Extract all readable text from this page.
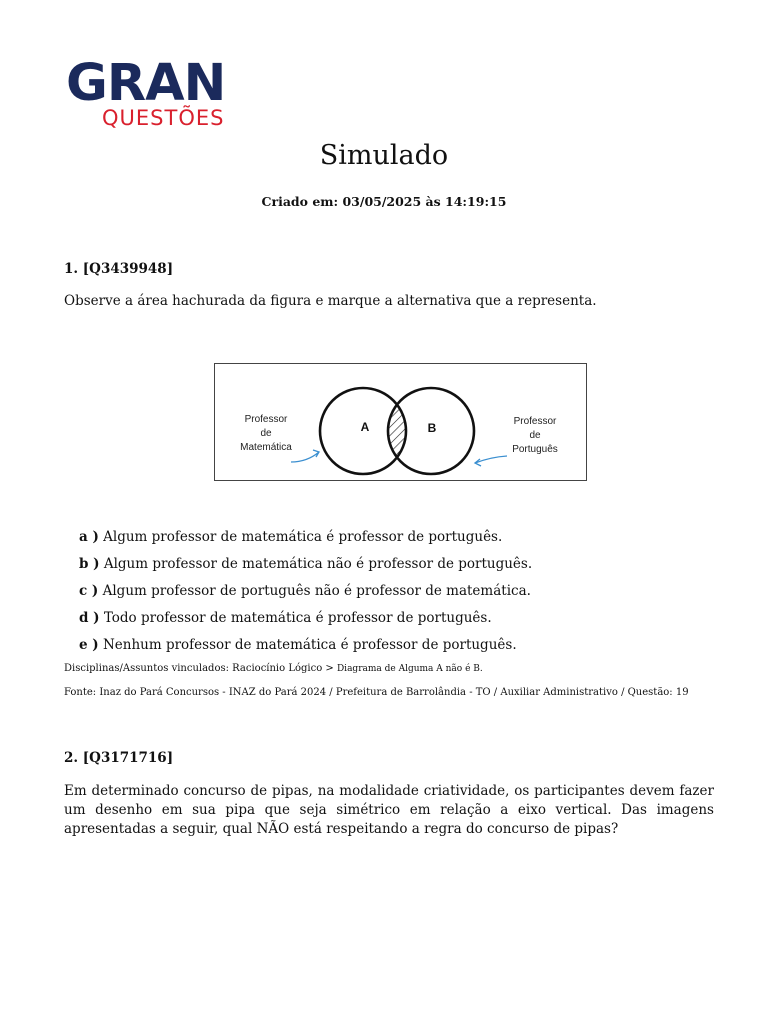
GRAN
QUESTÕES
Simulado
Criado em: 03/05/2025 às 14:19:15
1. [Q3439948]
Observe a área hachurada da figura e marque a alternativa que a representa.
A	B
Professor
de
Matemática
Professor
de
Português
a ) Algum professor de matemática é professor de português.
b ) Algum professor de matemática não é professor de português.
c ) Algum professor de português não é professor de matemática.
d ) Todo professor de matemática é professor de português.
e ) Nenhum professor de matemática é professor de português.
Disciplinas/Assuntos vinculados: Raciocínio Lógico > Diagrama de Alguma A não é B.
Fonte: Inaz do Pará Concursos - INAZ do Pará 2024 / Prefeitura de Barrolândia - TO / Auxiliar Administrativo / Questão: 19
2. [Q3171716]
Em determinado concurso de pipas, na modalidade criatividade, os participantes devem fazer um desenho em sua pipa que seja simétrico em relação a eixo vertical. Das imagens apresentadas a seguir, qual NÃO está respeitando a regra do concurso de pipas?
